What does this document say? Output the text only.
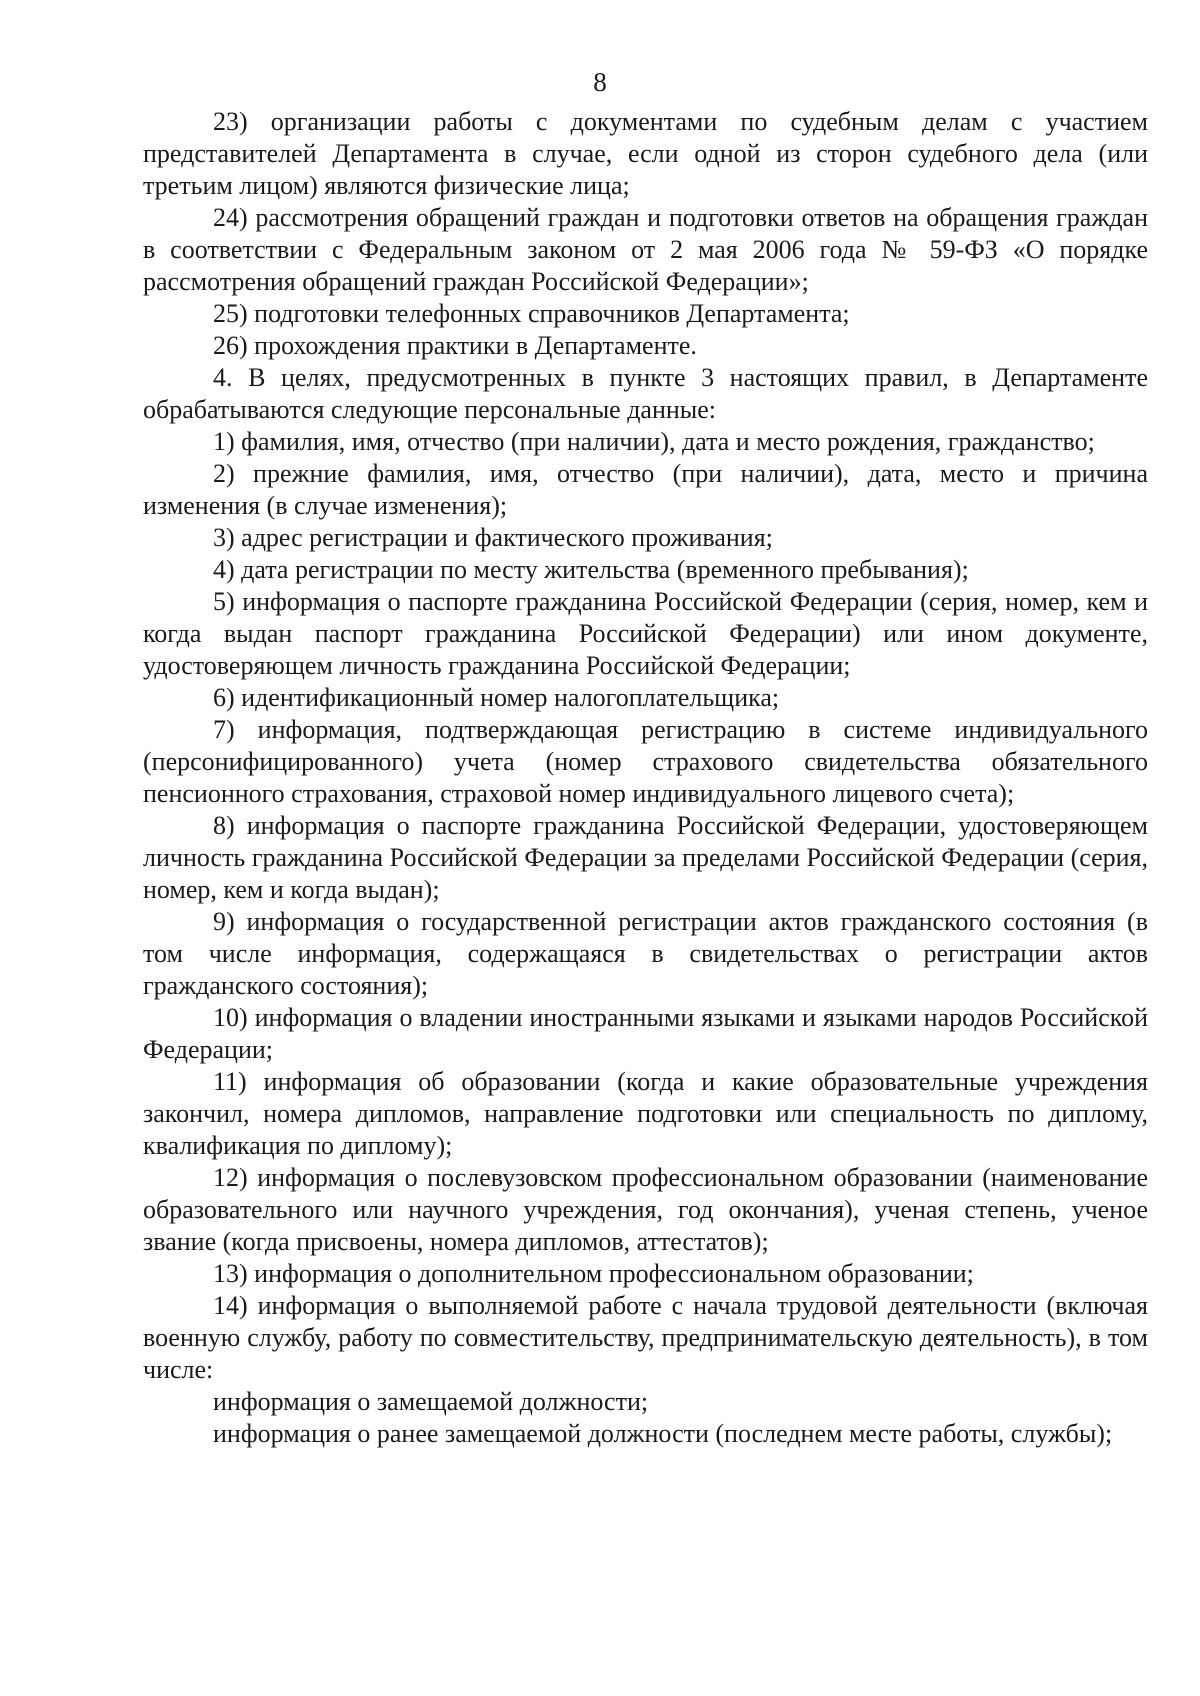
8

23) организации работы с документами по судебным делам с участием представителей Департамента в случае, если одной из сторон судебного дела (или третьим лицом) являются физические лица;

24) рассмотрения обращений граждан и подготовки ответов на обращения граждан в соответствии с Федеральным законом от 2 мая 2006 года № 59-ФЗ «О порядке рассмотрения обращений граждан Российской Федерации»;

25) подготовки телефонных справочников Департамента;

26) прохождения практики в Департаменте.

4. В целях, предусмотренных в пункте 3 настоящих правил, в Департаменте обрабатываются следующие персональные данные:

1) фамилия, имя, отчество (при наличии), дата и место рождения, гражданство;

2) прежние фамилия, имя, отчество (при наличии), дата, место и причина изменения (в случае изменения);

3) адрес регистрации и фактического проживания;

4) дата регистрации по месту жительства (временного пребывания);

5) информация о паспорте гражданина Российской Федерации (серия, номер, кем и когда выдан паспорт гражданина Российской Федерации) или ином документе, удостоверяющем личность гражданина Российской Федерации;

6) идентификационный номер налогоплательщика;

7) информация, подтверждающая регистрацию в системе индивидуального (персонифицированного) учета (номер страхового свидетельства обязательного пенсионного страхования, страховой номер индивидуального лицевого счета);

8) информация о паспорте гражданина Российской Федерации, удостоверяющем личность гражданина Российской Федерации за пределами Российской Федерации (серия, номер, кем и когда выдан);

9) информация о государственной регистрации актов гражданского состояния (в том числе информация, содержащаяся в свидетельствах о регистрации актов гражданского состояния);

10) информация о владении иностранными языками и языками народов Российской Федерации;

11) информация об образовании (когда и какие образовательные учреждения закончил, номера дипломов, направление подготовки или специальность по диплому, квалификация по диплому);

12) информация о послевузовском профессиональном образовании (наименование образовательного или научного учреждения, год окончания), ученая степень, ученое звание (когда присвоены, номера дипломов, аттестатов);

13) информация о дополнительном профессиональном образовании;

14) информация о выполняемой работе с начала трудовой деятельности (включая военную службу, работу по совместительству, предпринимательскую деятельность), в том числе:

информация о замещаемой должности;

информация о ранее замещаемой должности (последнем месте работы, службы);
